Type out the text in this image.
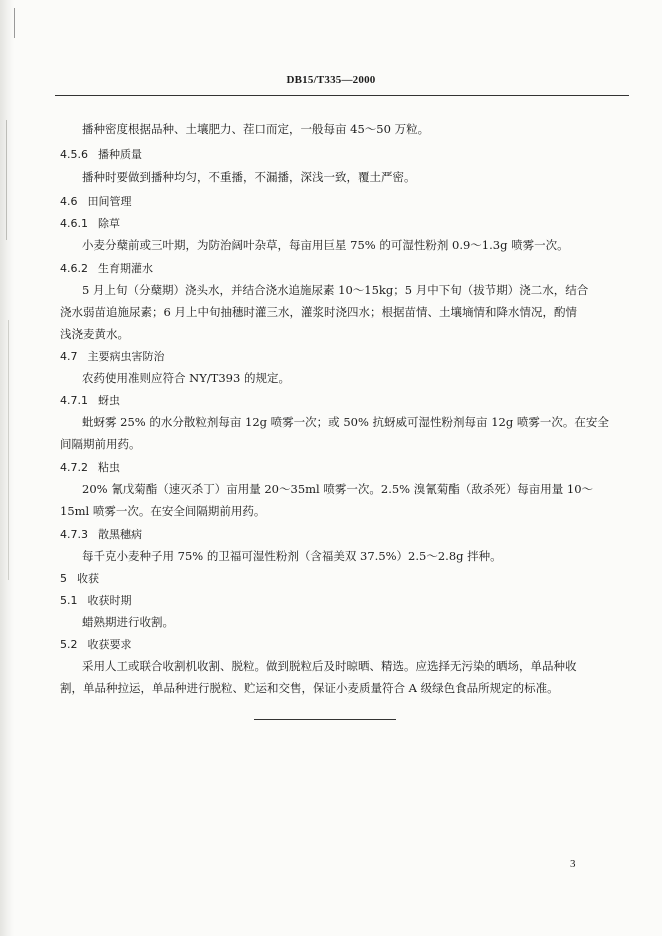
DB15/T335—2000
播种密度根据品种、土壤肥力、茬口而定，一般每亩 45～50 万粒。
4.5.6 播种质量
播种时要做到播种均匀，不重播，不漏播，深浅一致，覆土严密。
4.6 田间管理
4.6.1 除草
小麦分蘖前或三叶期，为防治阔叶杂草，每亩用巨星 75% 的可湿性粉剂 0.9～1.3g 喷雾一次。
4.6.2 生育期灌水
5 月上旬（分蘖期）浇头水，并结合浇水追施尿素 10～15kg；5 月中下旬（拔节期）浇二水，结合
浇水弱苗追施尿素；6 月上中旬抽穗时灌三水，灌浆时浇四水；根据苗情、土壤墒情和降水情况，酌情
浅浇麦黄水。
4.7 主要病虫害防治
农药使用准则应符合 NY/T393 的规定。
4.7.1 蚜虫
蚍蚜雾 25% 的水分散粒剂每亩 12g 喷雾一次；或 50% 抗蚜威可湿性粉剂每亩 12g 喷雾一次。在安全
间隔期前用药。
4.7.2 粘虫
20% 氰戊菊酯（速灭杀丁）亩用量 20～35ml 喷雾一次。2.5% 溴氰菊酯（敌杀死）每亩用量 10～
15ml 喷雾一次。在安全间隔期前用药。
4.7.3 散黑穗病
每千克小麦种子用 75% 的卫福可湿性粉剂（含福美双 37.5%）2.5～2.8g 拌种。
5 收获
5.1 收获时期
蜡熟期进行收割。
5.2 收获要求
采用人工或联合收割机收割、脱粒。做到脱粒后及时晾晒、精选。应选择无污染的晒场，单品种收
割，单品种拉运，单品种进行脱粒、贮运和交售，保证小麦质量符合 A 级绿色食品所规定的标准。
3
